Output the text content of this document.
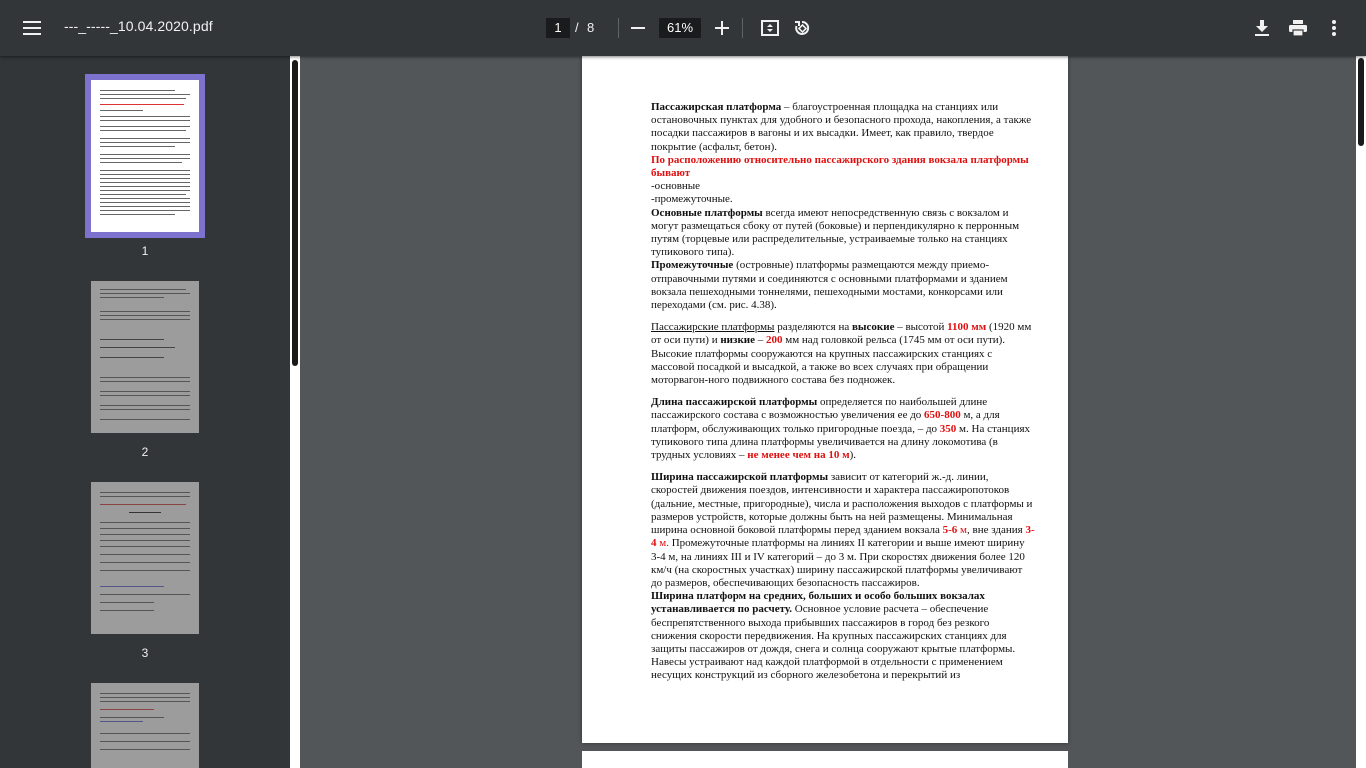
---_-----_10.04.2020.pdf	1	/ 8	61%
1
2
3

Пассажирская платформа – благоустроенная площадка на станциях или остановочных пунктах для удобного и безопасного прохода, накопления, а также посадки пассажиров в вагоны и их высадки. Имеет, как правило, твердое покрытие (асфальт, бетон).

По расположению относительно пассажирского здания вокзала платформы бывают

-основные

-промежуточные.

Основные платформы всегда имеют непосредственную связь с вокзалом и могут размещаться сбоку от путей (боковые) и перпендикулярно к перронным путям (торцевые или распределительные, устраиваемые только на станциях тупикового типа).

Промежуточные (островные) платформы размещаются между приемо-отправочными путями и соединяются с основными платформами и зданием вокзала пешеходными тоннелями, пешеходными мостами, конкорсами или переходами (см. рис. 4.38).

Пассажирские платформы разделяются на высокие – высотой 1100 мм (1920 мм от оси пути) и низкие – 200 мм над головкой рельса (1745 мм от оси пути). Высокие платформы сооружаются на крупных пассажирских станциях с массовой посадкой и высадкой, а также во всех случаях при обращении моторвагон-ного подвижного состава без подножек.

Длина пассажирской платформы определяется по наибольшей длине пассажирского состава с возможностью увеличения ее до 650-800 м, а для платформ, обслуживающих только пригородные поезда, – до 350 м. На станциях тупикового типа длина платформы увеличивается на длину локомотива (в трудных условиях – не менее чем на 10 м).

Ширина пассажирской платформы зависит от категорий ж.-д. линии, скоростей движения поездов, интенсивности и характера пассажиропотоков (дальние, местные, пригородные), числа и расположения выходов с платформы и размеров устройств, которые должны быть на ней размещены. Минимальная ширина основной боковой платформы перед зданием вокзала 5-6 м, вне здания 3-4 м. Промежуточные платформы на линиях II категории и выше имеют ширину 3-4 м, на линиях III и IV категорий – до 3 м. При скоростях движения более 120 км/ч (на скоростных участках) ширину пассажирской платформы увеличивают до размеров, обеспечивающих безопасность пассажиров.

Ширина платформ на средних, больших и особо больших вокзалах устанавливается по расчету. Основное условие расчета – обеспечение беспрепятственного выхода прибывших пассажиров в город без резкого снижения скорости передвижения. На крупных пассажирских станциях для защиты пассажиров от дождя, снега и солнца сооружают крытые платформы. Навесы устраивают над каждой платформой в отдельности с применением несущих конструкций из сборного железобетона и перекрытий из
